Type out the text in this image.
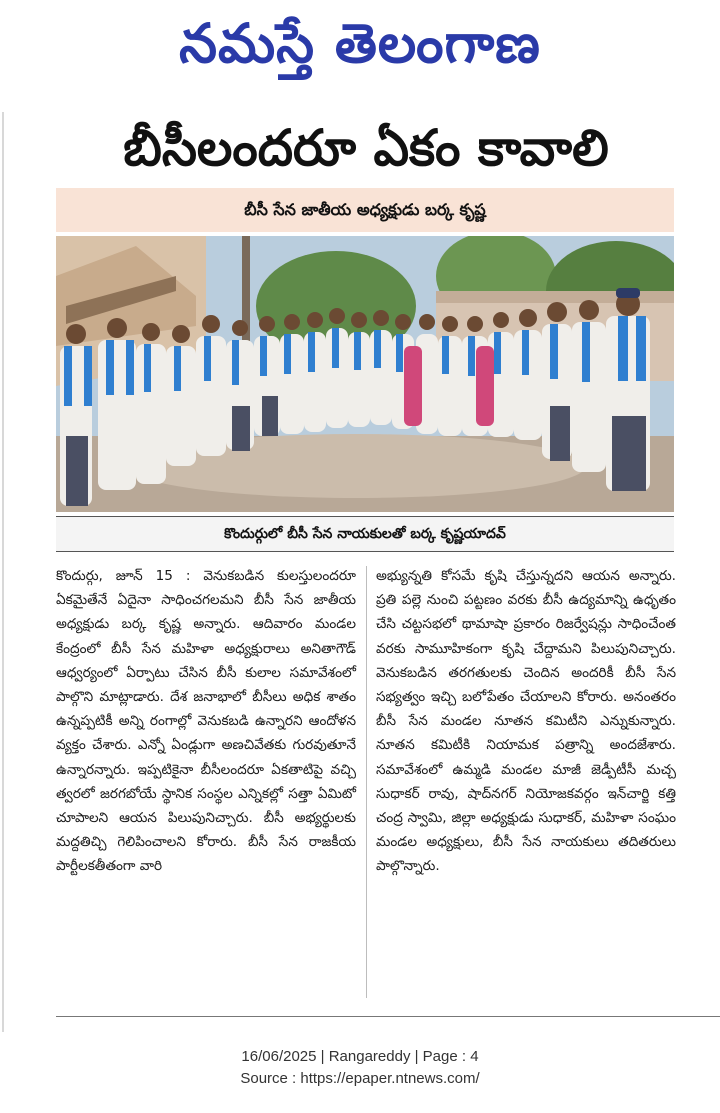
నమస్తే తెలంగాణ
బీసీలందరూ ఏకం కావాలి
బీసీ సేన జాతీయ అధ్యక్షుడు బర్క కృష్ణ
కొందుర్గులో బీసీ సేన నాయకులతో బర్క కృష్ణయాదవ్
కొందుర్గు, జూన్ 15 : వెనుకబడిన కులస్తులందరూ ఏకమైతేనే ఏదైనా సాధించగలమని బీసీ సేన జాతీయ అధ్యక్షుడు బర్క కృష్ణ అన్నారు. ఆదివారం మండల కేంద్రంలో బీసీ సేన మహిళా అధ్యక్షురాలు అనితాగౌడ్ ఆధ్వర్యంలో ఏర్పాటు చేసిన బీసీ కులాల సమావేశంలో పాల్గొని మాట్లాడారు. దేశ జనాభాలో బీసీలు అధిక శాతం ఉన్నప్పటికీ అన్ని రంగాల్లో వెనుకబడి ఉన్నారని ఆందోళన వ్యక్తం చేశారు. ఎన్నో ఏండ్లుగా అణచివేతకు గురవుతూనే ఉన్నారన్నారు. ఇప్పటికైనా బీసీలందరూ ఏకతాటిపై వచ్చి త్వరలో జరగబోయే స్థానిక సంస్థల ఎన్నికల్లో సత్తా ఏమిటో చూపాలని ఆయన పిలుపునిచ్చారు. బీసీ అభ్యర్థులకు మద్దతిచ్చి గెలిపించాలని కోరారు. బీసీ సేన రాజకీయ పార్టీలకతీతంగా వారి
అభ్యున్నతి కోసమే కృషి చేస్తున్నదని ఆయన అన్నారు. ప్రతి పల్లె నుంచి పట్టణం వరకు బీసీ ఉద్యమాన్ని ఉధృతం చేసి చట్టసభలో థామాషా ప్రకారం రిజర్వేషన్లు సాధించేంత వరకు సామూహికంగా కృషి చేద్దామని పిలుపునిచ్చారు. వెనుకబడిన తరగతులకు చెందిన అందరికీ బీసీ సేన సభ్యత్వం ఇచ్చి బలోపేతం చేయాలని కోరారు. అనంతరం బీసీ సేన మండల నూతన కమిటీని ఎన్నుకున్నారు. నూతన కమిటీకి నియామక పత్రాన్ని అందజేశారు. సమావేశంలో ఉమ్మడి మండల మాజీ జెడ్పీటీసీ మచ్చ సుధాకర్ రావు, షాద్‌నగర్ నియోజకవర్గం ఇన్‌చార్జి కత్తి చంద్ర స్వామి, జిల్లా అధ్యక్షుడు సుధాకర్, మహిళా సంఘం మండల అధ్యక్షులు, బీసీ సేన నాయకులు తదితరులు పాల్గొన్నారు.
16/06/2025 | Rangareddy | Page : 4
Source : https://epaper.ntnews.com/
